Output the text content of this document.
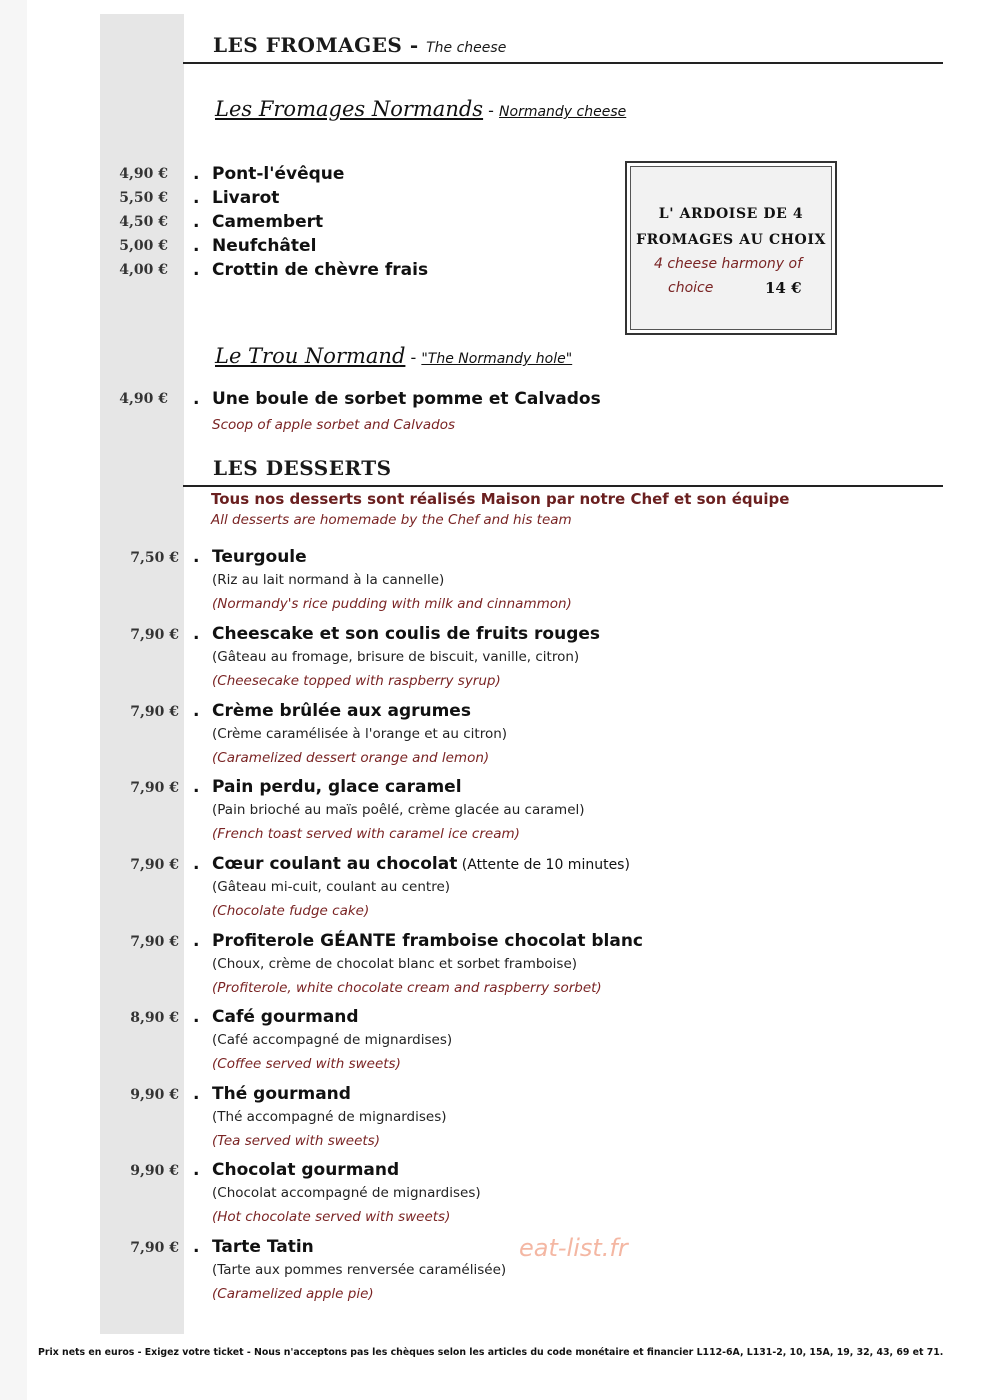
LES FROMAGES - The cheese
Les Fromages Normands - Normandy cheese
4,90 € . Pont-l'évêque
5,50 € . Livarot
4,50 € . Camembert
5,00 € . Neufchâtel
4,00 € . Crottin de chèvre frais
L' ARDOISE DE 4
FROMAGES AU CHOIX
4 cheese harmony of
choice	14 €
Le Trou Normand - "The Normandy hole"
4,90 € . Une boule de sorbet pomme et Calvados
Scoop of apple sorbet and Calvados
LES DESSERTS
Tous nos desserts sont réalisés Maison par notre Chef et son équipe
All desserts are homemade by the Chef and his team
7,50 € . Teurgoule
(Riz au lait normand à la cannelle)
(Normandy's rice pudding with milk and cinnammon)
7,90 € . Cheescake et son coulis de fruits rouges
(Gâteau au fromage, brisure de biscuit, vanille, citron)
(Cheesecake topped with raspberry syrup)
7,90 € . Crème brûlée aux agrumes
(Crème caramélisée à l'orange et au citron)
(Caramelized dessert orange and lemon)
7,90 € . Pain perdu, glace caramel
(Pain brioché au maïs poêlé, crème glacée au caramel)
(French toast served with caramel ice cream)
7,90 € . Cœur coulant au chocolat (Attente de 10 minutes)
(Gâteau mi-cuit, coulant au centre)
(Chocolate fudge cake)
7,90 € . Profiterole GÉANTE framboise chocolat blanc
(Choux, crème de chocolat blanc et sorbet framboise)
(Profiterole, white chocolate cream and raspberry sorbet)
8,90 € . Café gourmand
(Café accompagné de mignardises)
(Coffee served with sweets)
9,90 € . Thé gourmand
(Thé accompagné de mignardises)
(Tea served with sweets)
9,90 € . Chocolat gourmand
(Chocolat accompagné de mignardises)
(Hot chocolate served with sweets)
7,90 € . Tarte Tatin
(Tarte aux pommes renversée caramélisée)
(Caramelized apple pie)
eat-list.fr
Prix nets en euros - Exigez votre ticket - Nous n'acceptons pas les chèques selon les articles du code monétaire et financier L112-6A, L131-2, 10, 15A, 19, 32, 43, 69 et 71.
